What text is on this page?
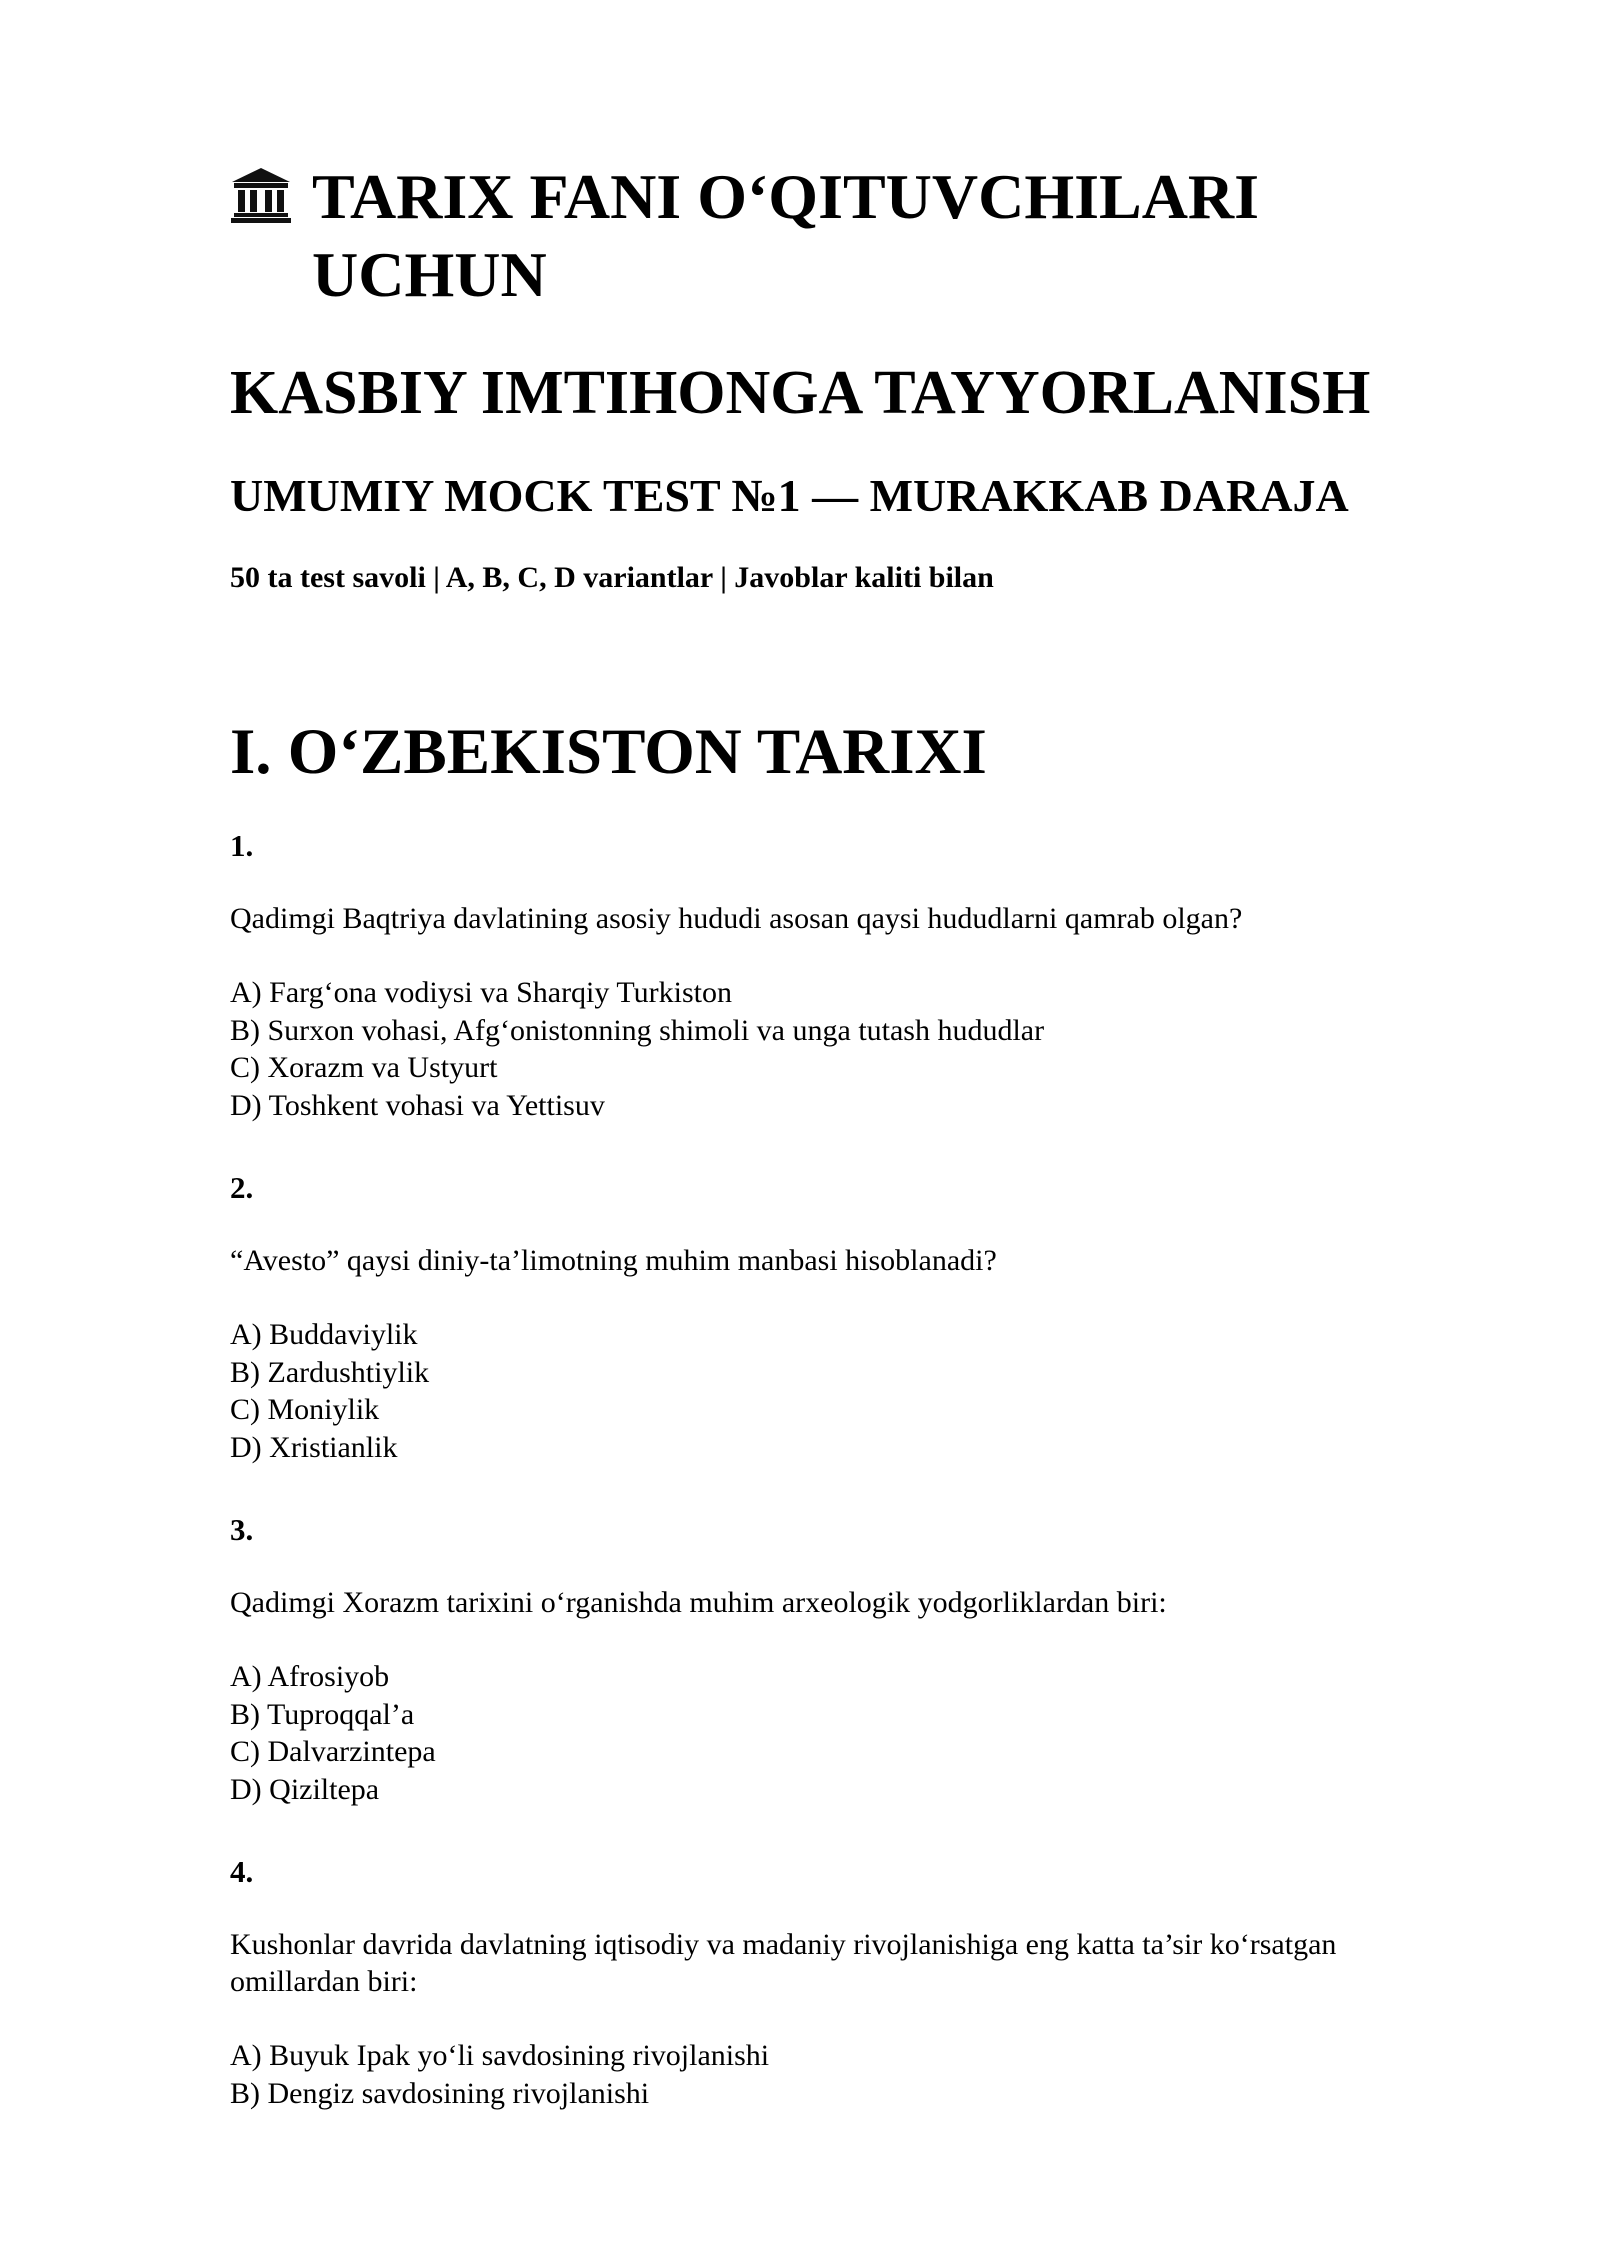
TARIX FANI O‘QITUVCHILARI
UCHUN
KASBIY IMTIHONGA TAYYORLANISH
UMUMIY MOCK TEST №1 — MURAKKAB DARAJA

50 ta test savoli | A, B, C, D variantlar | Javoblar kaliti bilan

I. O‘ZBEKISTON TARIXI

1.

Qadimgi Baqtriya davlatining asosiy hududi asosan qaysi hududlarni qamrab olgan?

A) Farg‘ona vodiysi va Sharqiy Turkiston

B) Surxon vohasi, Afg‘onistonning shimoli va unga tutash hududlar

C) Xorazm va Ustyurt

D) Toshkent vohasi va Yettisuv

2.

“Avesto” qaysi diniy-ta’limotning muhim manbasi hisoblanadi?

A) Buddaviylik

B) Zardushtiylik

C) Moniylik

D) Xristianlik

3.

Qadimgi Xorazm tarixini o‘rganishda muhim arxeologik yodgorliklardan biri:

A) Afrosiyob

B) Tuproqqal’a

C) Dalvarzintepa

D) Qiziltepa

4.

Kushonlar davrida davlatning iqtisodiy va madaniy rivojlanishiga eng katta ta’sir ko‘rsatgan

omillardan biri:

A) Buyuk Ipak yo‘li savdosining rivojlanishi

B) Dengiz savdosining rivojlanishi
